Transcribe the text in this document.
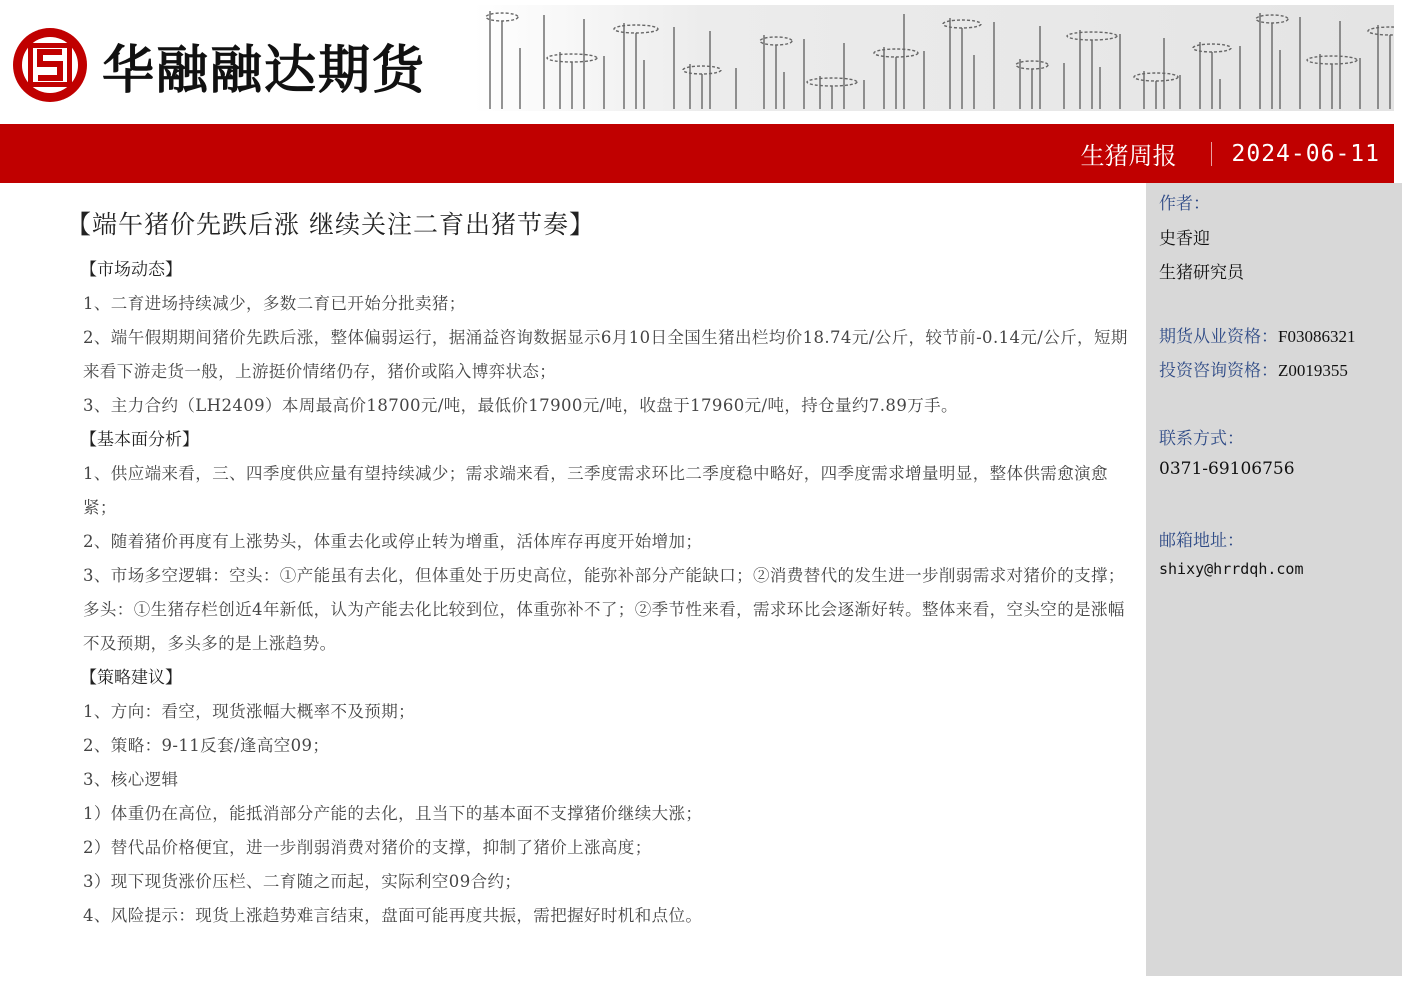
华融融达期货
生猪周报 2024-06-11
【端午猪价先跌后涨 继续关注二育出猪节奏】
【市场动态】
1、二育进场持续减少，多数二育已开始分批卖猪；
2、端午假期期间猪价先跌后涨，整体偏弱运行，据涌益咨询数据显示6月10日全国生猪出栏均价18.74元/公斤，较节前-0.14元/公斤，短期来看下游走货一般，上游挺价情绪仍存，猪价或陷入博弈状态；
3、主力合约（LH2409）本周最高价18700元/吨，最低价17900元/吨，收盘于17960元/吨，持仓量约7.89万手。
【基本面分析】
1、供应端来看，三、四季度供应量有望持续减少；需求端来看，三季度需求环比二季度稳中略好，四季度需求增量明显，整体供需愈演愈紧；
2、随着猪价再度有上涨势头，体重去化或停止转为增重，活体库存再度开始增加；
3、市场多空逻辑：空头：①产能虽有去化，但体重处于历史高位，能弥补部分产能缺口；②消费替代的发生进一步削弱需求对猪价的支撑；多头：①生猪存栏创近4年新低，认为产能去化比较到位，体重弥补不了；②季节性来看，需求环比会逐渐好转。整体来看，空头空的是涨幅不及预期，多头多的是上涨趋势。
【策略建议】
1、方向：看空，现货涨幅大概率不及预期；
2、策略：9-11反套/逢高空09；
3、核心逻辑
1）体重仍在高位，能抵消部分产能的去化，且当下的基本面不支撑猪价继续大涨；
2）替代品价格便宜，进一步削弱消费对猪价的支撑，抑制了猪价上涨高度；
3）现下现货涨价压栏、二育随之而起，实际利空09合约；
4、风险提示：现货上涨趋势难言结束，盘面可能再度共振，需把握好时机和点位。
作者：
史香迎
生猪研究员
期货从业资格：F03086321
投资咨询资格：Z0019355
联系方式：
0371-69106756
邮箱地址：
shixy@hrrdqh.com
